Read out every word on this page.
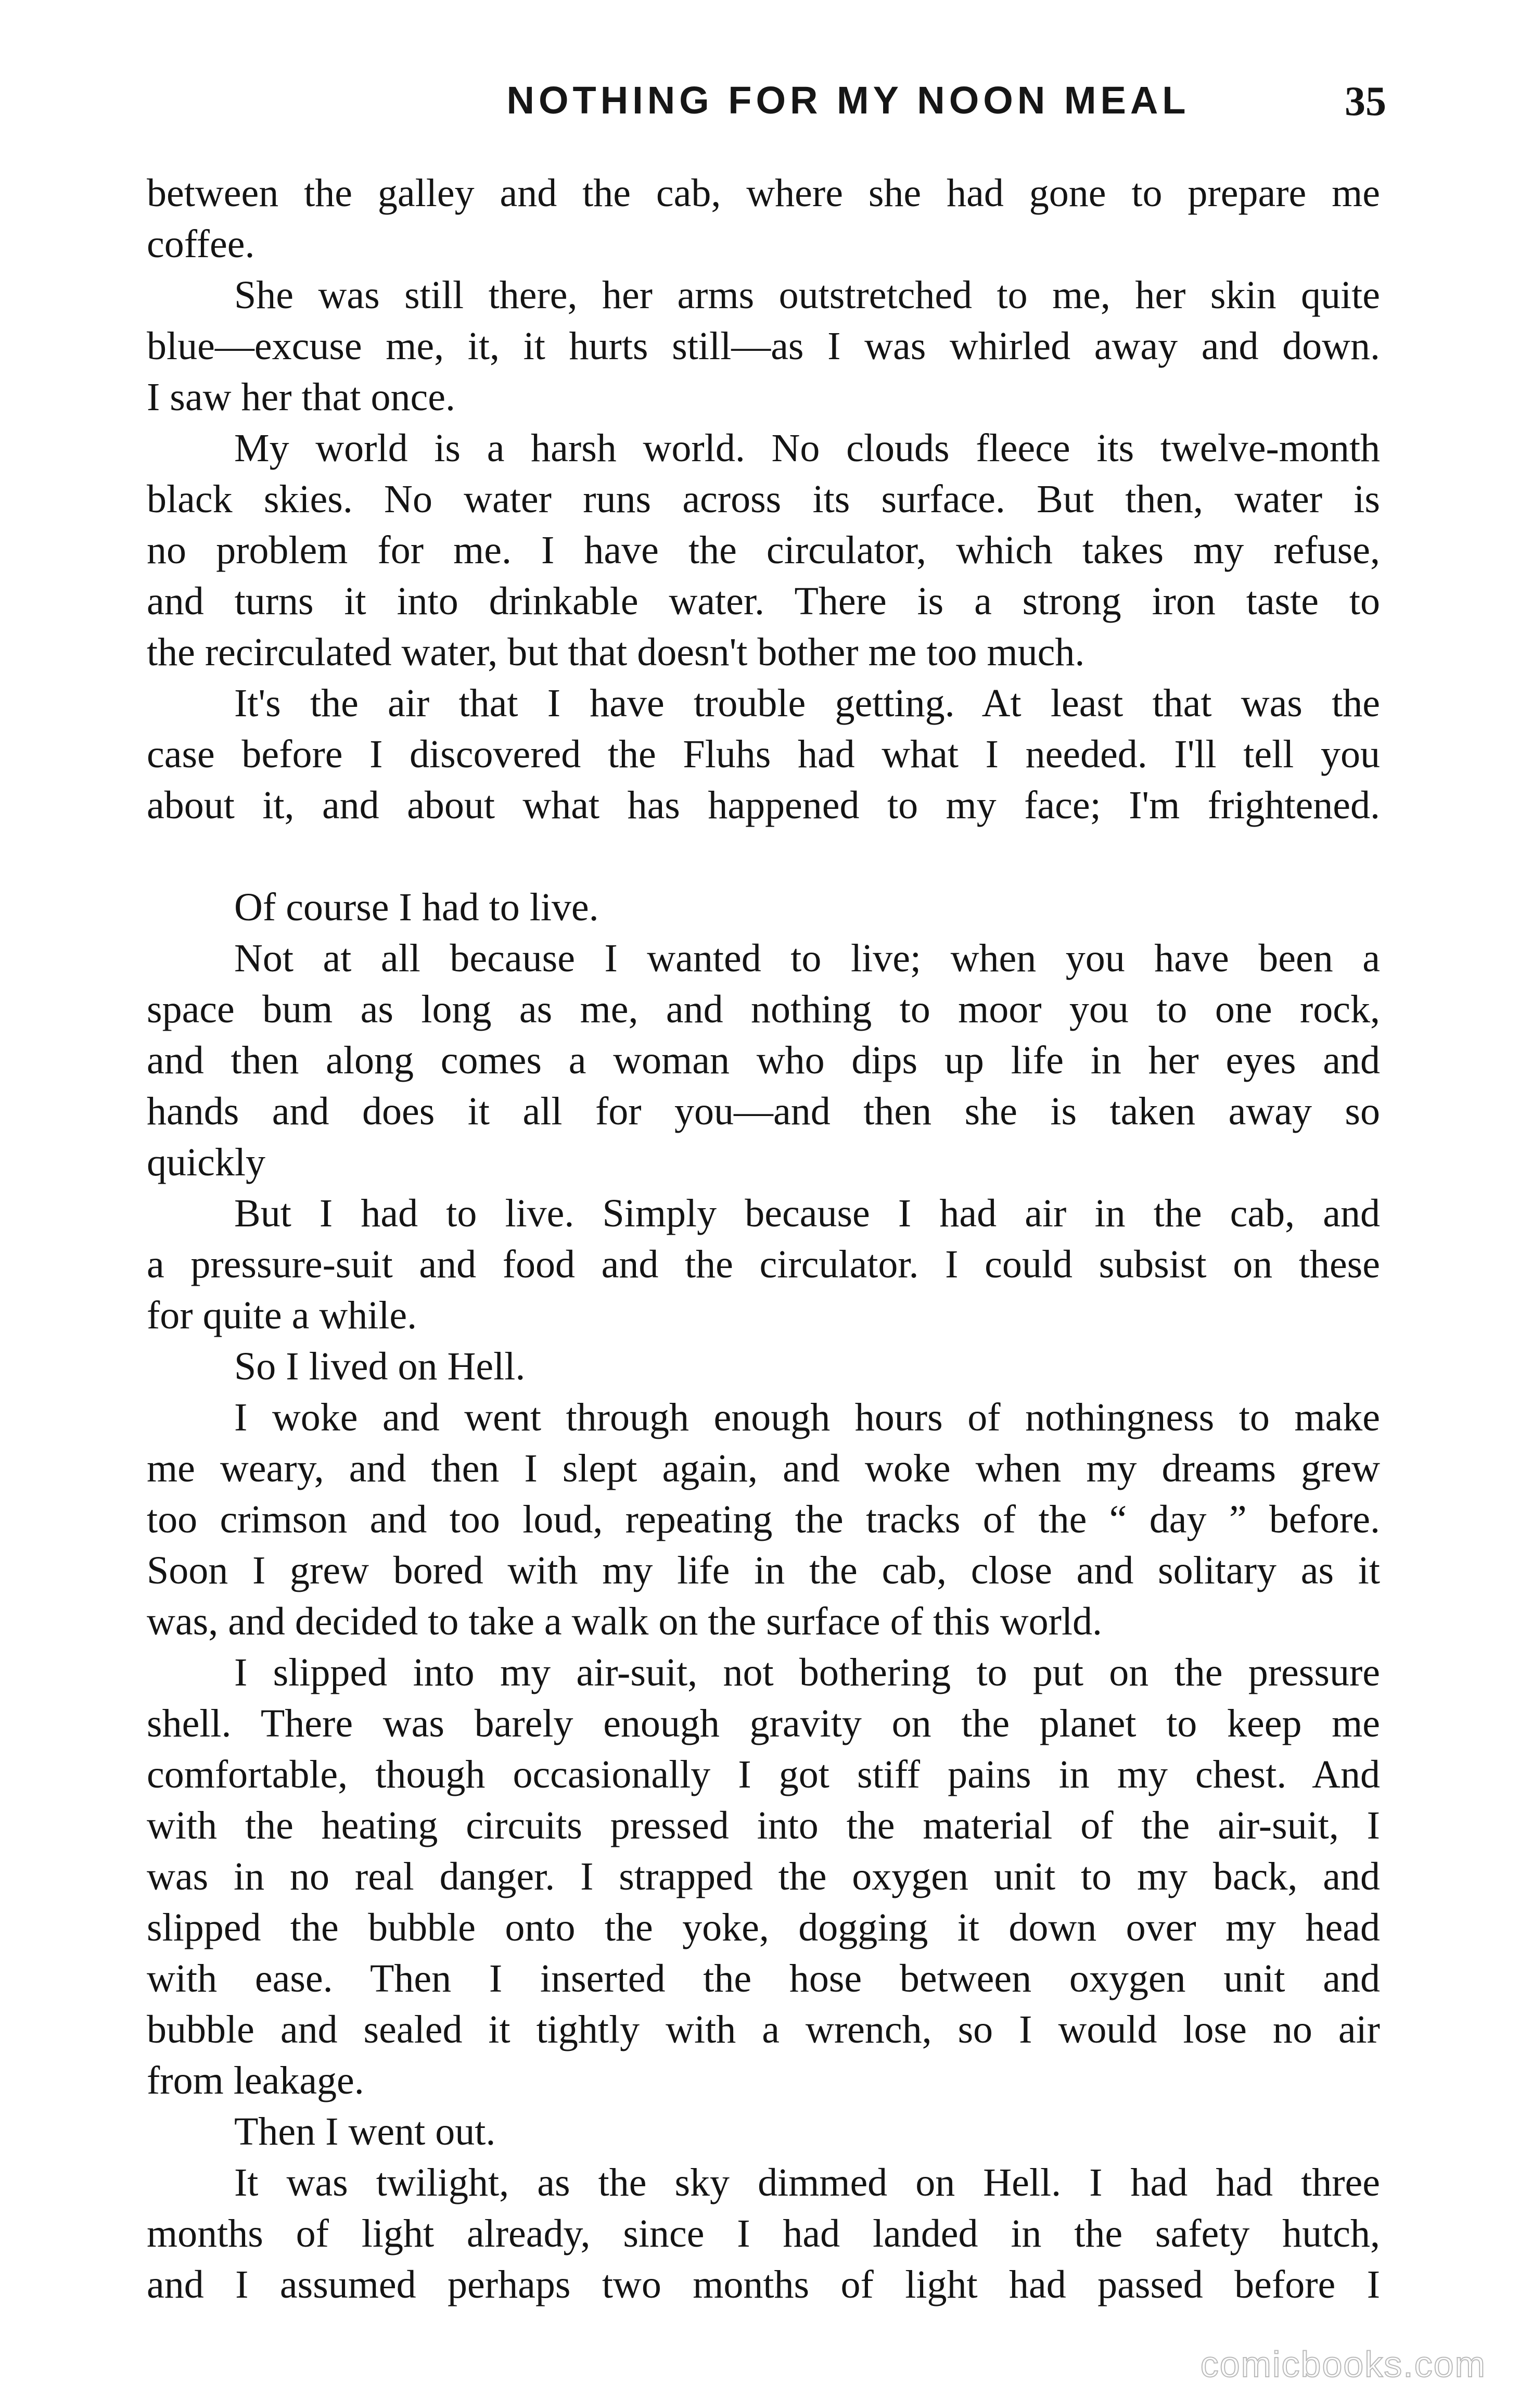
NOTHING FOR MY NOON MEAL	35
between the galley and the cab, where she had gone to prepare me
coffee.
She was still there, her arms outstretched to me, her skin quite
blue—excuse me, it, it hurts still—as I was whirled away and down.
I saw her that once.
My world is a harsh world. No clouds fleece its twelve-month
black skies. No water runs across its surface. But then, water is
no problem for me. I have the circulator, which takes my refuse,
and turns it into drinkable water. There is a strong iron taste to
the recirculated water, but that doesn't bother me too much.
It's the air that I have trouble getting. At least that was the
case before I discovered the Fluhs had what I needed. I'll tell you
about it, and about what has happened to my face; I'm frightened.
Of course I had to live.
Not at all because I wanted to live; when you have been a
space bum as long as me, and nothing to moor you to one rock,
and then along comes a woman who dips up life in her eyes and
hands and does it all for you—and then she is taken away so
quickly
But I had to live. Simply because I had air in the cab, and
a pressure-suit and food and the circulator. I could subsist on these
for quite a while.
So I lived on Hell.
I woke and went through enough hours of nothingness to make
me weary, and then I slept again, and woke when my dreams grew
too crimson and too loud, repeating the tracks of the “ day ” before.
Soon I grew bored with my life in the cab, close and solitary as it
was, and decided to take a walk on the surface of this world.
I slipped into my air-suit, not bothering to put on the pressure
shell. There was barely enough gravity on the planet to keep me
comfortable, though occasionally I got stiff pains in my chest. And
with the heating circuits pressed into the material of the air-suit, I
was in no real danger. I strapped the oxygen unit to my back, and
slipped the bubble onto the yoke, dogging it down over my head
with ease. Then I inserted the hose between oxygen unit and
bubble and sealed it tightly with a wrench, so I would lose no air
from leakage.
Then I went out.
It was twilight, as the sky dimmed on Hell. I had had three
months of light already, since I had landed in the safety hutch,
and I assumed perhaps two months of light had passed before I
comicbooks.com
